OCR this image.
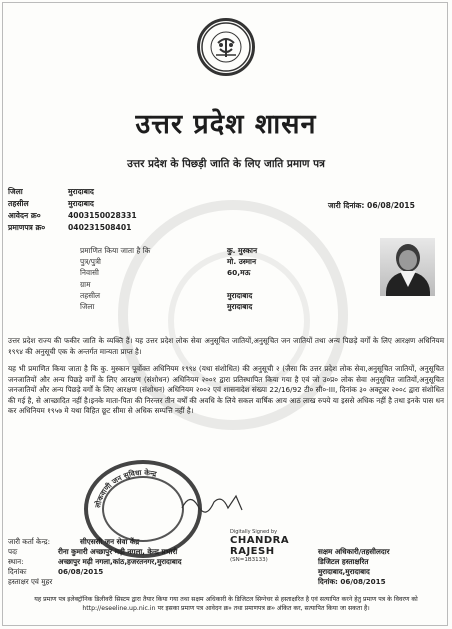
उत्तर प्रदेश शासन
उत्तर प्रदेश के पिछड़ी जाति के लिए जाति प्रमाण पत्र
जिला	मुरादाबाद
तहसील	मुरादाबाद
आवेदन क्र०	4003150028331
प्रमाणपत्र क्र०	040231508401
जारी दिनांक: 06/08/2015
प्रमाणित किया जाता है कि	कु. मुस्कान
पुत्र/पुत्री	मो. उस्मान
निवासी	60,मऊ
ग्राम
तहसील	मुरादाबाद
जिला	मुरादाबाद
उत्तर प्रदेश राज्य की फकीर जाति के व्यक्ति हैं। यह उत्तर प्रदेश लोक सेवा अनुसूचित जातियों,अनुसूचित जन जातियों तथा अन्य पिछड़े वर्गों के लिए आरक्षण अधिनियम १९९४ की अनुसूची एक के अन्तर्गत मान्यता प्राप्त है।
यह भी प्रमाणित किया जाता है कि कु. मुस्कान पूर्वोक्त अधिनियम १९९४ (यथा संशोधित) की अनुसूची २ (जैसा कि उत्तर प्रदेश लोक सेवा,अनुसूचित जातियों, अनुसूचित जनजातियों और अन्य पिछड़े वर्गों के लिए आरक्षण (संशोधन) अधिनियम २००१ द्वारा प्रतिस्थापित किया गया है एवं जो उ०प्र० लोक सेवा अनुसूचित जातियों,अनुसूचित जनजातियों और अन्य पिछड़े वर्गों के लिए आरक्षण (संशोधन) अधिनियम २००२ एवं शासनादेश संख्या 22/16/92 टी० सी०-III, दिनांक ३० अक्टूबर २००८ द्वारा संशोधित की गई है, से आच्छादित नहीं है।इनके माता-पिता की निरन्तर तीन वर्षों की अवधि के लिये सकल वार्षिक आय आठ लाख रुपये या इससे अधिक नहीं है तथा इनके पास धन कर अधिनियम १९५७ मे यथा विहित छूट सीमा से अधिक सम्पत्ति नहीं है।
लोकवाणी जन सुविधा केन्द्र
Digitally Signed by
CHANDRA
RAJESH
(SN=1B3133)
जारी कर्ता केन्द्र:	सीएससी जन सेवा केंद्र
पदः	रीना कुमारी अच्छापुर मढ़ी नगला, केन्द्र प्रभारी
स्थान:	अच्छापुर मढ़ी नगला,कांठ,हजरतनगर,मुरादाबाद
दिनांकः	06/08/2015
हस्ताक्षर एवं मुहर
सक्षम अधिकारी/तहसीलदार
डिजिटल हस्ताक्षरित
मुरादाबाद,मुरादाबाद
दिनांक: 06/08/2015
यह प्रमाण पत्र इलेक्ट्रॉनिक डिलीवरी सिस्टम द्वारा तैयार किया गया तथा सक्षम अधिकारी के डिजिटल सिग्नेचर से हस्ताक्षरित है एवं सत्यापित करने हेतु प्रमाण पत्र के विवरण को http://eseeline.up.nic.in पर इसका प्रमाण पत्र आवेदन क्र० तथा प्रमाणपत्र क्र० अंकित कर, सत्यापित किया जा सकता है।
